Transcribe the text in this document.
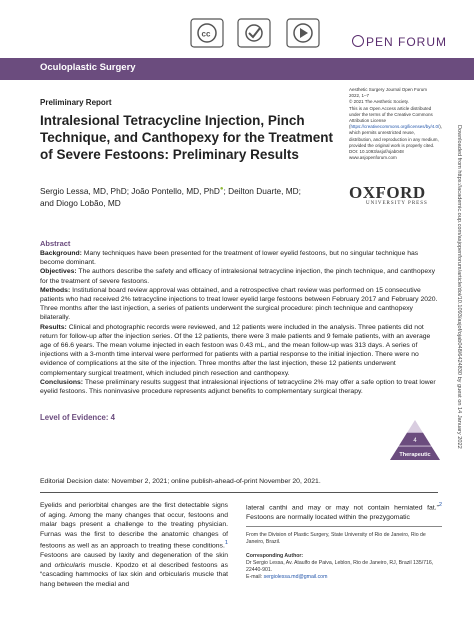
cc
PEN FORUM
Oculoplastic Surgery
Preliminary Report
Intralesional Tetracycline Injection, Pinch Technique, and Canthopexy for the Treatment of Severe Festoons: Preliminary Results
Sergio Lessa, MD, PhD; João Pontello, MD, PhD●; Deilton Duarte, MD;
and Diogo Lobão, MD
Aesthetic Surgery Journal Open Forum 2022, 1–7
© 2021 The Aesthetic Society.
This is an Open Access article distributed under the terms of the Creative Commons Attribution License (https://creativecommons.org/licenses/by/4.0/), which permits unrestricted reuse, distribution, and reproduction in any medium, provided the original work is properly cited.
DOI: 10.1093/asjof/ojab048
www.asjopenforum.com
OXFORD
UNIVERSITY PRESS
Abstract

Background: Many techniques have been presented for the treatment of lower eyelid festoons, but no singular technique has become dominant.

Objectives: The authors describe the safety and efficacy of intralesional tetracycline injection, the pinch technique, and canthopexy for the treatment of severe festoons.

Methods: Institutional board review approval was obtained, and a retrospective chart review was performed on 15 consecutive patients who had received 2% tetracycline injections to treat lower eyelid large festoons between February 2017 and February 2020. Three months after the last injection, a series of patients underwent the surgical procedure: pinch technique and canthopexy bilaterally.

Results: Clinical and photographic records were reviewed, and 12 patients were included in the analysis. Three patients did not return for follow-up after the injection series. Of the 12 patients, there were 3 male patients and 9 female patients, with an average age of 66.6 years. The mean volume injected in each festoon was 0.43 mL, and the mean follow-up was 313 days. A series of injections with a 3-month time interval were performed for patients with a partial response to the initial injection. There were no evidence of complications at the site of the injection. Three months after the last injection, these 12 patients underwent complementary surgical treatment, which included pinch resection and canthopexy.

Conclusions: These preliminary results suggest that intralesional injections of tetracycline 2% may offer a safe option to treat lower eyelid festoons. This noninvasive procedure represents adjunct benefits to complementary surgical therapy.

Level of Evidence: 4
4
Therapeutic
Editorial Decision date: November 2, 2021; online publish-ahead-of-print November 20, 2021.
Eyelids and periorbital changes are the first detectable signs of aging. Among the many changes that occur, festoons and malar bags present a challenge to the treating physician. Furnas was the first to describe the anatomic changes of festoons as well as an approach to treating these conditions.$^1$ Festoons are caused by laxity and degeneration of the skin and orbicularis muscle. Kpodzo et al described festoons as “cascading hammocks of lax skin and orbicularis muscle that hang between the medial and
lateral canthi and may or may not contain herniated fat.”$^2$ Festoons are normally located within the prezygomatic
From the Division of Plastic Surgery, State University of Rio de Janeiro, Rio de Janeiro, Brazil.
Corresponding Author:
Dr Sergio Lessa, Av. Ataulfo de Paiva, Leblon, Rio de Janeiro, RJ, Brazil 135/716, 22440-901.
E-mail: sergiolessa.md@gmail.com
Downloaded from https://academic.oup.com/asjopenforum/article/doi/10.1093/asjof/ojab048/6424830 by guest on 14 January 2022
